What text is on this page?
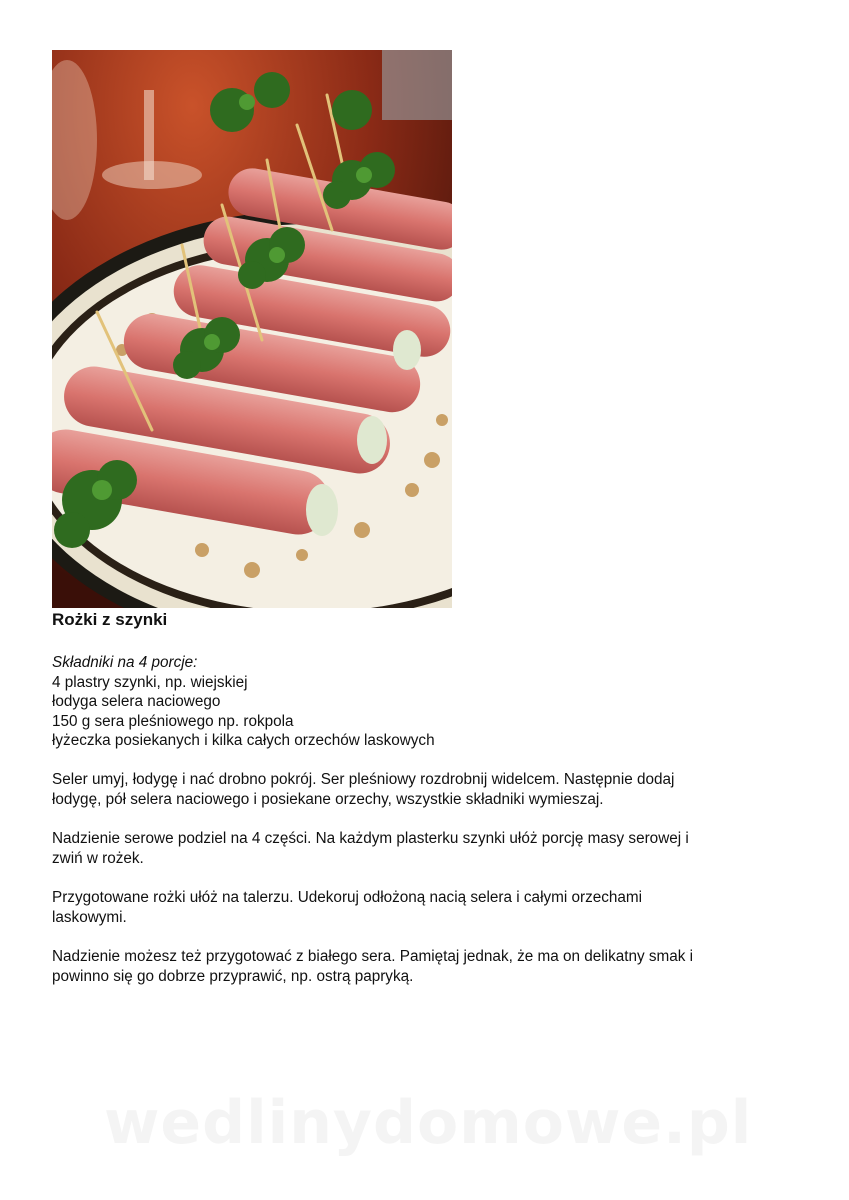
Rożki z szynki
Składniki na 4 porcje:
4 plastry szynki, np. wiejskiej
łodyga selera naciowego
150 g sera pleśniowego np. rokpola
łyżeczka posiekanych i kilka całych orzechów laskowych
Seler umyj, łodygę i nać drobno pokrój. Ser pleśniowy rozdrobnij widelcem. Następnie dodaj
łodygę, pół selera naciowego i posiekane orzechy, wszystkie składniki wymieszaj.
Nadzienie serowe podziel na 4 części. Na każdym plasterku szynki ułóż porcję masy serowej i
zwiń w rożek.
Przygotowane rożki ułóż na talerzu. Udekoruj odłożoną nacią selera i całymi orzechami
laskowymi.
Nadzienie możesz też przygotować z białego sera. Pamiętaj jednak, że ma on delikatny smak i
powinno się go dobrze przyprawić, np. ostrą papryką.
wedlinydomowe.pl
